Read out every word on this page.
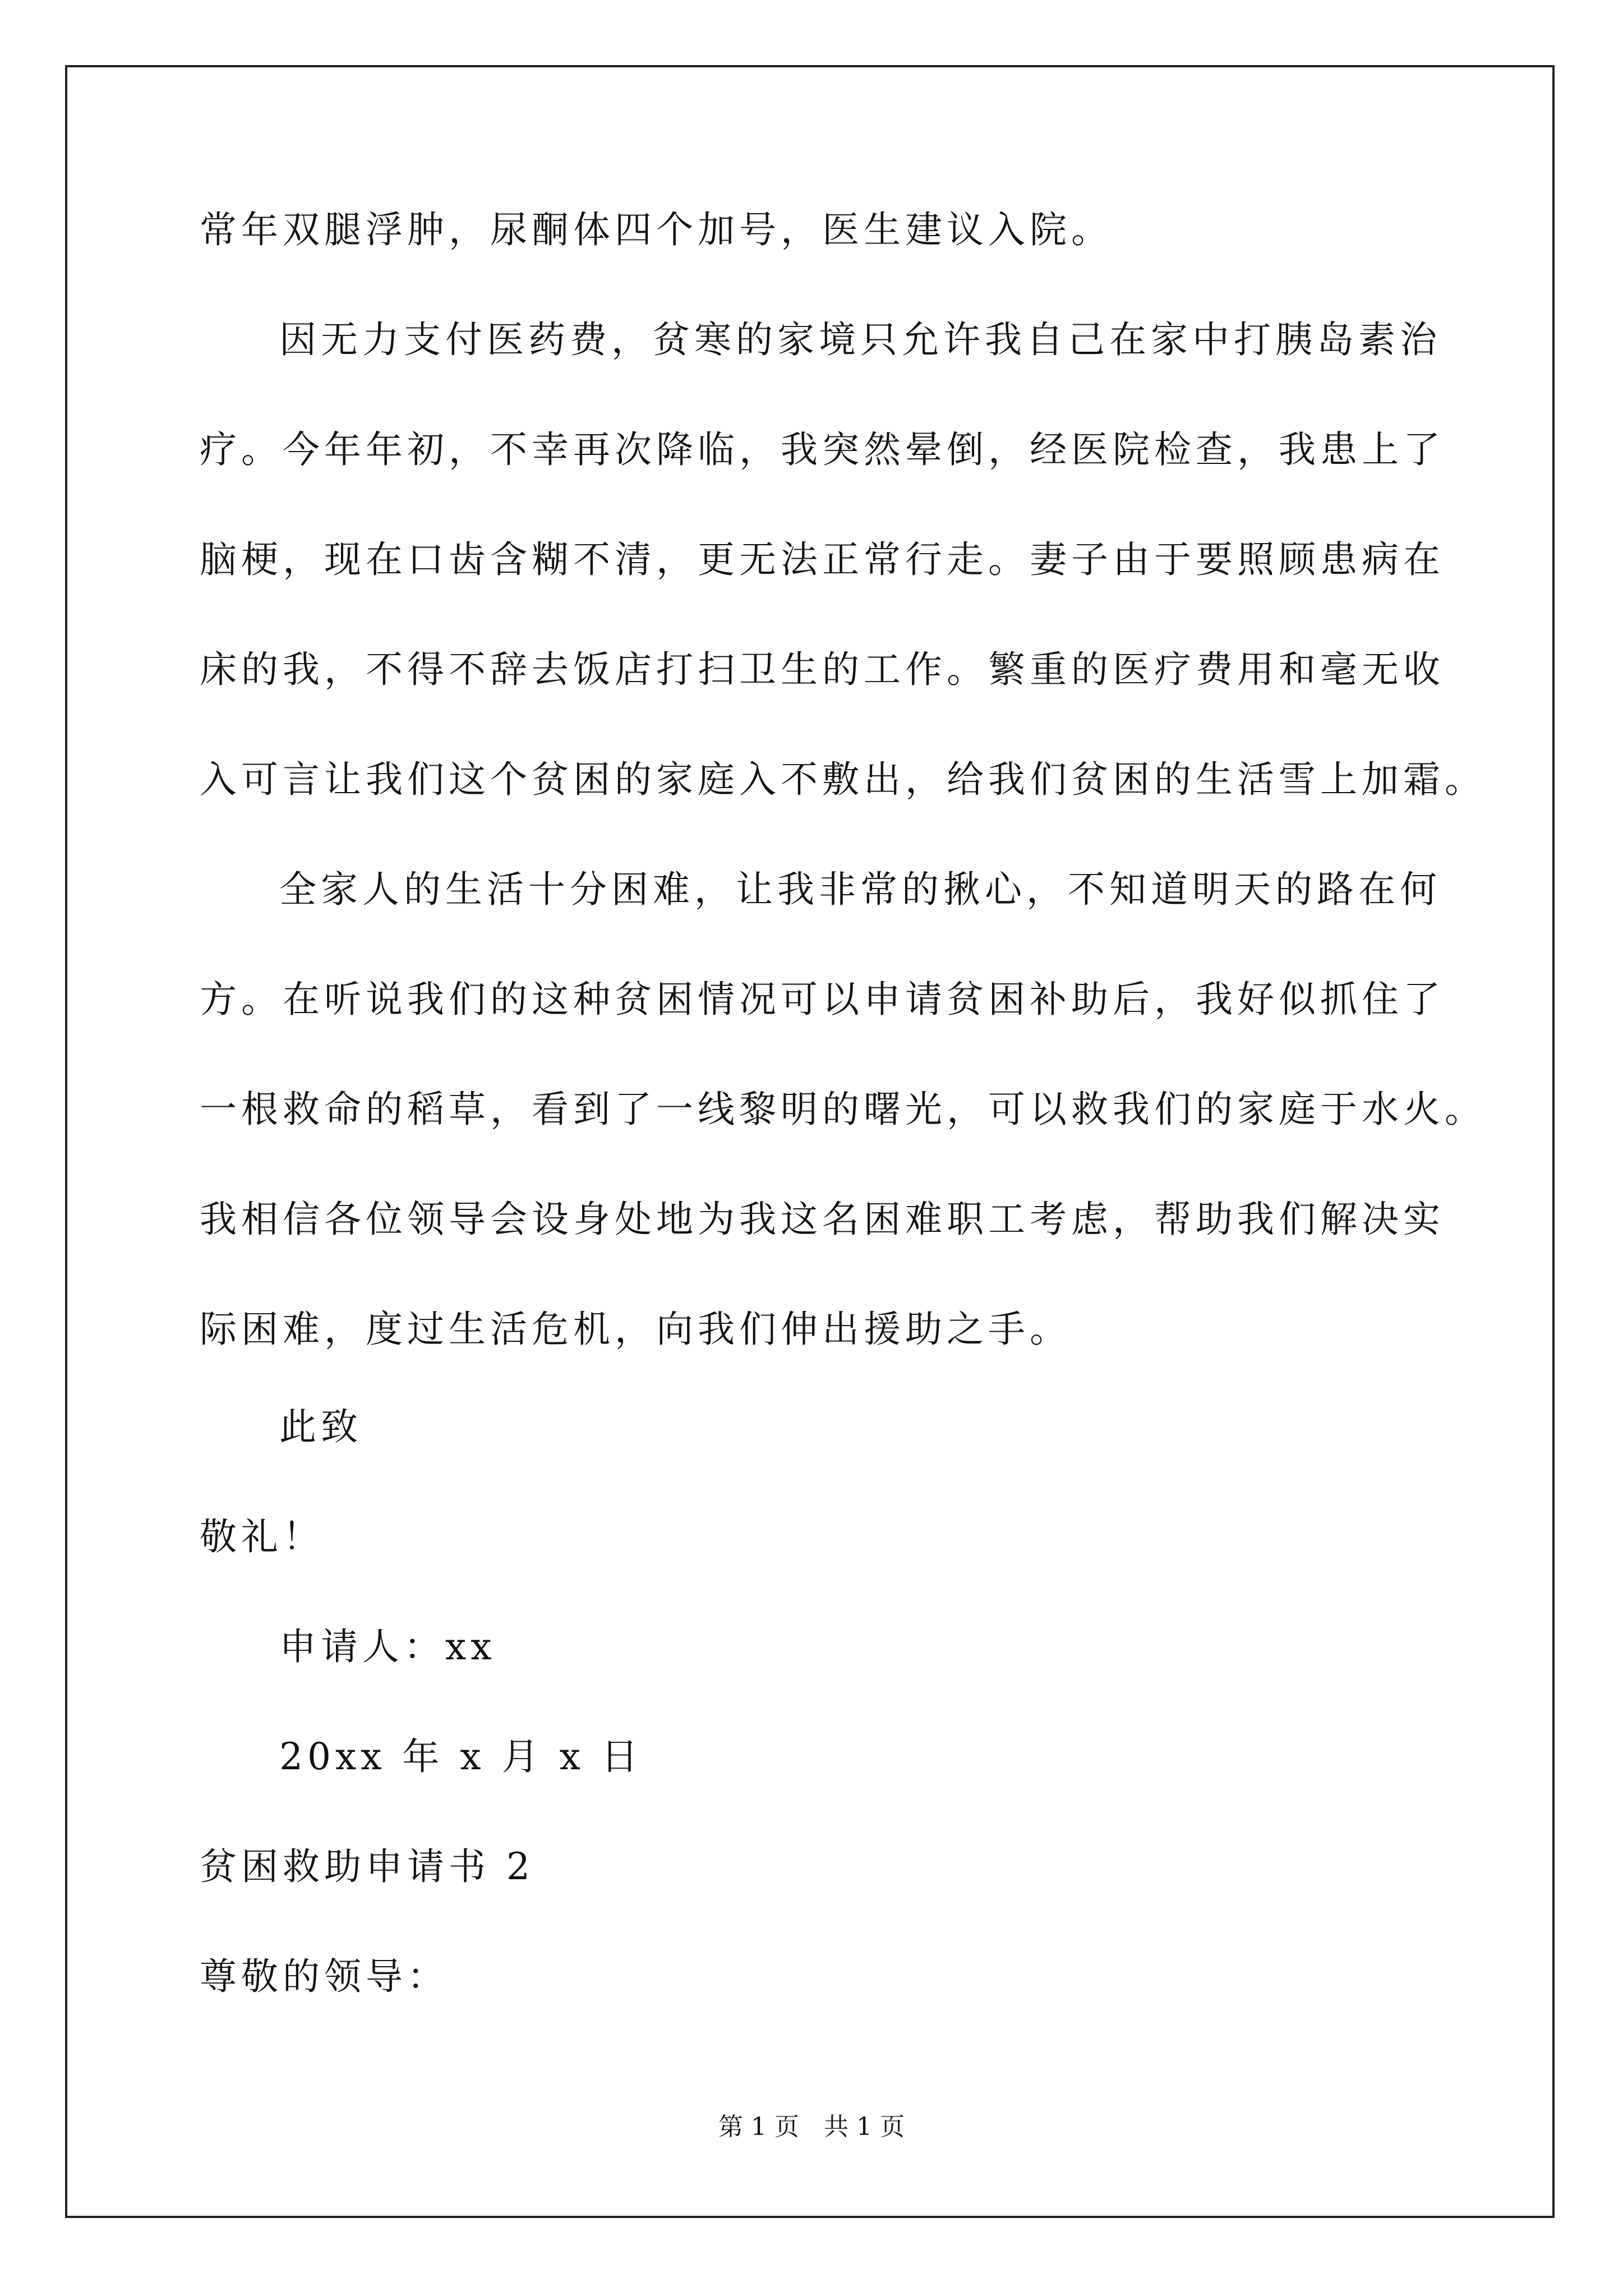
常年双腿浮肿，尿酮体四个加号，医生建议入院。
因无力支付医药费，贫寒的家境只允许我自己在家中打胰岛素治
疗。今年年初，不幸再次降临，我突然晕倒，经医院检查，我患上了
脑梗，现在口齿含糊不清，更无法正常行走。妻子由于要照顾患病在
床的我，不得不辞去饭店打扫卫生的工作。繁重的医疗费用和毫无收
入可言让我们这个贫困的家庭入不敷出，给我们贫困的生活雪上加霜。
全家人的生活十分困难，让我非常的揪心，不知道明天的路在何
方。在听说我们的这种贫困情况可以申请贫困补助后，我好似抓住了
一根救命的稻草，看到了一线黎明的曙光，可以救我们的家庭于水火。
我相信各位领导会设身处地为我这名困难职工考虑，帮助我们解决实
际困难，度过生活危机，向我们伸出援助之手。
此致
敬礼！
申请人：xx
20xx 年 x 月 x 日
贫困救助申请书 2
尊敬的领导：
第 1 页　共 1 页
